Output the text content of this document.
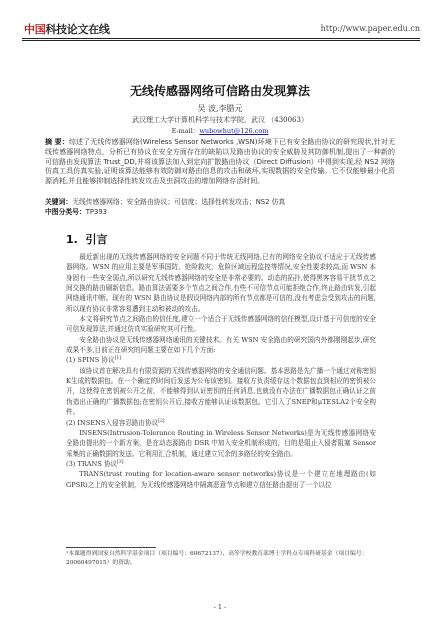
中国 科技论文在线	http://www.paper.edu.cn
无线传感器网络可信路由发现算法
吴 波,李腊元
武汉理工大学计算机科学与技术学院，武汉 （430063）
E-mail：wubowhut@126.com
摘 要：综述了无线传感器网络(Wireless Sensor Networks ,WSN)环境下已有安全路由协议的研究现状,针对无线传感器网络特点，分析已有协议在安全方面存在的缺陷以及路由协议的安全威胁及其防御机制,提出了一种新的可信路由发现算法 Trust_DD,并将该算法加入到定向扩散路由协议（Direct Diffusion）中得到实现,经 NS2 网络仿真工具仿真实验,证明该算法能够有效防御对路由信息的攻击和破坏,实现数据的安全传输。它不仅能够最小化资源消耗,并且能够抑制选择性转发攻击及虫洞攻击的增加网络存活时间。
关键词：无线传感器网络；安全路由协议；可信度；选择性转发攻击；NS2 仿真
中图分类号：TP393
1. 引言

最近新出现的无线传感器网络的安全问题不同于传统无线网络,已有的网络安全协议不适应于无线传感器网络。WSN 的应用主要是军事国防，抢险救灾，危险区域远程监控等情况,安全性要求较高,而 WSN 本身固有一些安全弱点,所以研究无线传感器网络的安全是非常必要的。动态的拓扑,使得黑客容易干扰节点之间交换的路由刷新信息。路由算法需要多个节点之间合作,有些不可信节点可能拒绝合作,终止路由转发,引起网络通讯中断。现有的 WSN 路由协议是假设网络内部的所有节点都是可信的,没有考虑会受到攻击的问题,所以现有协议非常容易遭到主动和被动的攻击。

本文将研究节点之间路由的信任度,建立一个适合于无线传感器网络的信任模型,设计基于可信度的安全可信发现算法,并通过仿真实验研究其可行性。

安全路由协议是无线传感器网络通讯的关键技术。有关 WSN 安全路由的研究国内外都刚刚起步,研究成果不多,目前正在研究的问题主要在如下几个方面:

(1) SPINS 协议[1]

该协议首在解决具有有限资源的无线传感器网络的安全通信问题。基本思路是先广播一个通过对称密钥K生成的数据包。在一个确定的时间后发送为公布该密钥。接收方负责缓存这个数据包直到相应的密钥被公开，这使得在密钥被公开之前，不能够得到认证密钥的任何消息,也就没有办法在广播数据包正确认证之前伪造出正确的广播数据包;在密钥公开后,接收方能够认证该数据包。它引入了SNEP和μTESLA2个安全构件。

(2) INSENS入侵容忍路由协议[2]

INSENS(Intrusion-Tolerance Routing in Wireless Sensor Networks)是为无线传感器网络安全路由提出的一个新方案，是在动态源路由 DSR 中加入安全机制形成的，目的是阻止入侵者阻塞 Sensor 采集的正确数据的发送。它利用汇合机制，通过建立冗余的多路径的安全路由。

(3) TRANS 协议[3]

TRANS(trust routing for location-aware sensor networks)协议是一个建立在地理路由(如 GPSR)之上的安全机制，为无线传感器网络中隔离恶意节点和建立信任路由提出了一个以位

¹本课题得到国家自然科学基金项目（项目编号：60672137）、高等学校教育部博士学科点专项科研基金（项目编号：20060497015）的资助。
- 1 -
